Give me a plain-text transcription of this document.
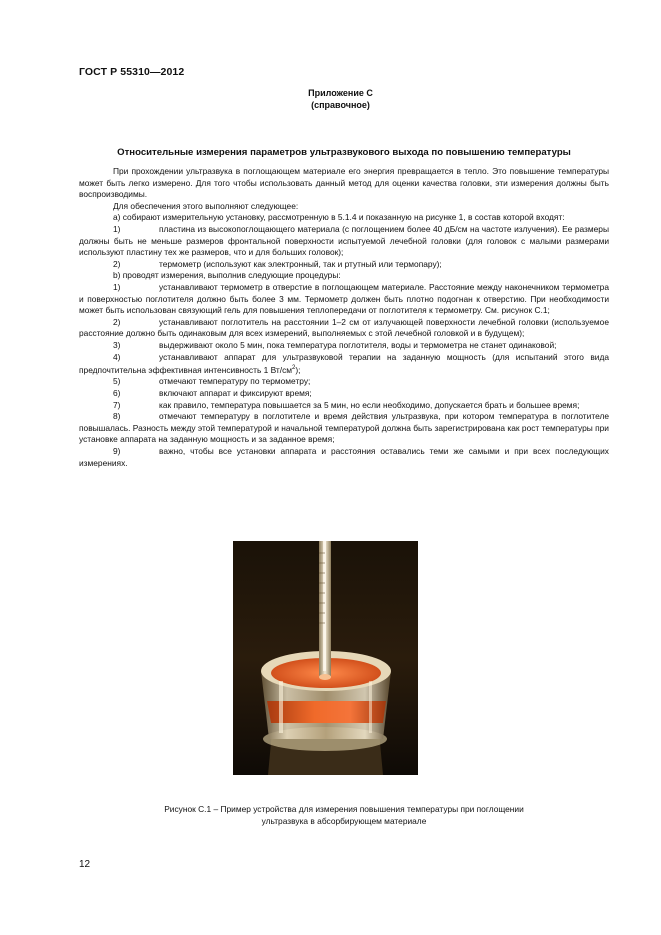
ГОСТ Р 55310—2012
Приложение С
(справочное)
Относительные измерения параметров ультразвукового выхода по повышению температуры

При прохождении ультразвука в поглощающем материале его энергия превращается в тепло. Это повышение температуры может быть легко измерено. Для того чтобы использовать данный метод для оценки качества головки, эти измерения должны быть воспроизводимы.

Для обеспечения этого выполняют следующее:

а) собирают измерительную установку, рассмотренную в 5.1.4 и показанную на рисунке 1, в состав которой входят:

1)	пластина из высокопоглощающего материала (с поглощением более 40 дБ/см на частоте излучения). Ее размеры должны быть не меньше размеров фронтальной поверхности испытуемой лечебной головки (для головок с малыми размерами используют пластину тех же размеров, что и для больших головок);

2)	термометр (используют как электронный, так и ртутный или термопару);

b) проводят измерения, выполнив следующие процедуры:

1)	устанавливают термометр в отверстие в поглощающем материале. Расстояние между наконечником термометра и поверхностью поглотителя должно быть более 3 мм. Термометр должен быть плотно подогнан к отверстию. При необходимости может быть использован связующий гель для повышения теплопередачи от поглотителя к термометру. См. рисунок С.1;

2)	устанавливают поглотитель на расстоянии 1–2 см от излучающей поверхности лечебной головки (используемое расстояние должно быть одинаковым для всех измерений, выполняемых с этой лечебной головкой и в будущем);

3)	выдерживают около 5 мин, пока температура поглотителя, воды и термометра не станет одинаковой;

4)	устанавливают аппарат для ультразвуковой терапии на заданную мощность (для испытаний этого вида предпочтительна эффективная интенсивность 1 $Вт/см^2$);

5)	отмечают температуру по термометру;

6)	включают аппарат и фиксируют время;

7)	как правило, температура повышается за 5 мин, но если необходимо, допускается брать и большее время;

8)	отмечают температуру в поглотителе и время действия ультразвука, при котором температура в поглотителе повышалась. Разность между этой температурой и начальной температурой должна быть зарегистрирована как рост температуры при установке аппарата на заданную мощность и за заданное время;

9)	важно, чтобы все установки аппарата и расстояния оставались теми же самыми и при всех последующих измерениях.

Рисунок С.1 – Пример устройства для измерения повышения температуры при поглощении
ультразвука в абсорбирующем материале
12
